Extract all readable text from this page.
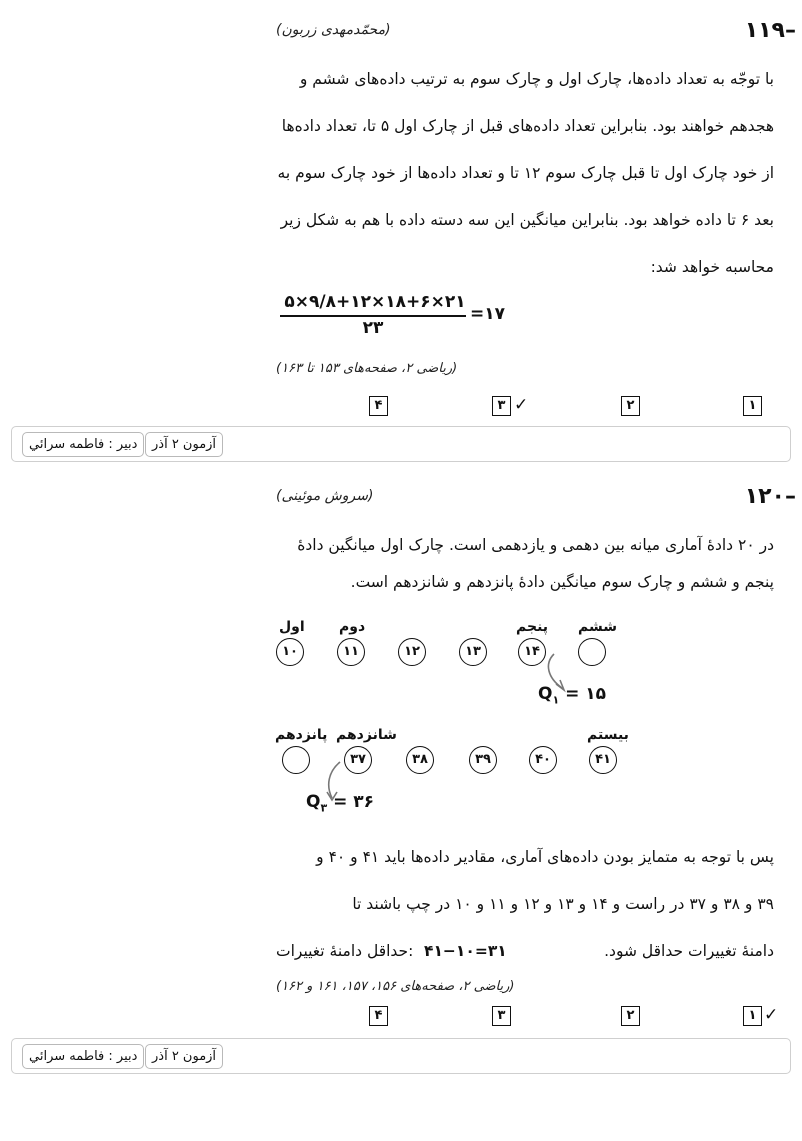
–۱۱۹
(محمّدمهدی زربون)
با توجّه به تعداد داده‌ها، چارک اول و چارک سوم به ترتیب داده‌های ششم و
هجدهم خواهند بود. بنابراین تعداد داده‌های قبل از چارک اول ۵ تا، تعداد داده‌ها
از خود چارک اول تا قبل چارک سوم ۱۲ تا و تعداد داده‌ها از خود چارک سوم به
بعد ۶ تا داده خواهد بود. بنابراین میانگین این سه دسته داده با هم به شکل زیر
محاسبه خواهد شد:
۵×۹/۸+۱۲×۱۸+۶×۲۱
۲۳
=۱۷
(ریاضی ۲، صفحه‌های ۱۵۳ تا ۱۶۳)
۱
۲
۳ ✓
۴
آزمون ۲ آذر
دبیر : فاطمه سرائي
–۱۲۰
(سروش موئینی)
در ۲۰ دادهٔ آماری میانه بین دهمی و یازدهمی است. چارک اول میانگین دادهٔ
پنجم و ششم و چارک سوم میانگین دادهٔ پانزدهم و شانزدهم است.
اول دوم	پنجم ششم
۱۰	۱۱	۱۲	۱۳	۱۴
$Q_۱$ = ۱۵
پانزدهم شانزدهم	بیستم
۳۷	۳۸	۳۹	۴۰	۴۱
$Q_۳$ = ۳۶
پس با توجه به متمایز بودن داده‌های آماری، مقادیر داده‌ها باید ۴۱ و ۴۰ و
۳۹ و ۳۸ و ۳۷ در راست و ۱۴ و ۱۳ و ۱۲ و ۱۱ و ۱۰ در چپ باشند تا
دامنهٔ تغییرات حداقل شود.
۴۱−۱۰=۳۱
:حداقل دامنهٔ تغییرات
(ریاضی ۲، صفحه‌های ۱۵۶، ۱۵۷، ۱۶۱ و ۱۶۲)
۱ ✓
۲
۳
۴
آزمون ۲ آذر
دبیر : فاطمه سرائي
